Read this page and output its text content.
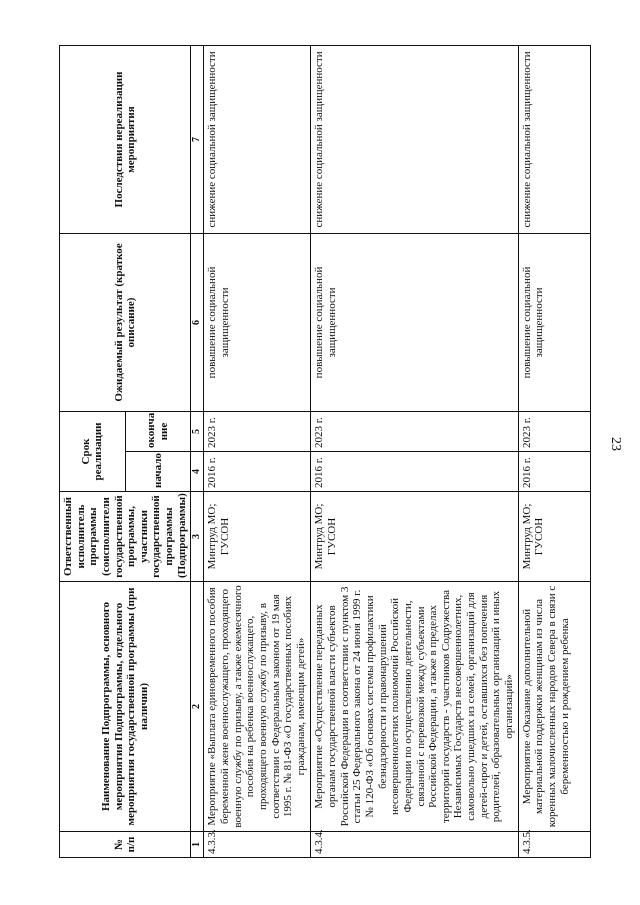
23
№ п/п	Наименование Подпрограммы, основного мероприятия Подпрограммы, отдельного мероприятия государственной программы (при наличии)	Ответственный исполнитель программы (соисполнители государственной программы, участники государственной программы (Подпрограммы)	Срок реализации		Ожидаемый результат (краткое описание)	Последствия нереализации мероприятия
			начало	оконча ние		
1	2	3	4	5	6	7
4.3.3.	Мероприятие «Выплата единовременного пособия беременной жене военнослужащего, проходящего военную службу по призыву, а также ежемесячного пособия на ребенка военнослужащего, проходящего военную службу по призыву, в соответствии с Федеральным законом от 19 мая 1995 г. № 81-ФЗ «О государственных пособиях гражданам, имеющим детей»	Минтруд МО; ГУСОН	2016 г.	2023 г.	повышение социальной защищенности	снижение социальной защищенности
4.3.4.	Мероприятие «Осуществление переданных органам государственной власти субъектов Российской Федерации в соответствии с пунктом 3 статьи 25 Федерального закона от 24 июня 1999 г. № 120-ФЗ «Об основах системы профилактики безнадзорности и правонарушений несовершеннолетних полномочий Российской Федерации по осуществлению деятельности, связанной с перевозкой между субъектами Российской Федерации, а также в пределах территорий государств - участников Содружества Независимых Государств несовершеннолетних, самовольно ушедших из семей, организаций для детей-сирот и детей, оставшихся без попечения родителей, образовательных организаций и иных организаций»	Минтруд МО; ГУСОН	2016 г.	2023 г.	повышение социальной защищенности	снижение социальной защищенности
4.3.5.	Мероприятие «Оказание дополнительной материальной поддержки женщинам из числа коренных малочисленных народов Севера в связи с беременностью и рождением ребенка	Минтруд МО; ГУСОН	2016 г.	2023 г.	повышение социальной защищенности	снижение социальной защищенности
